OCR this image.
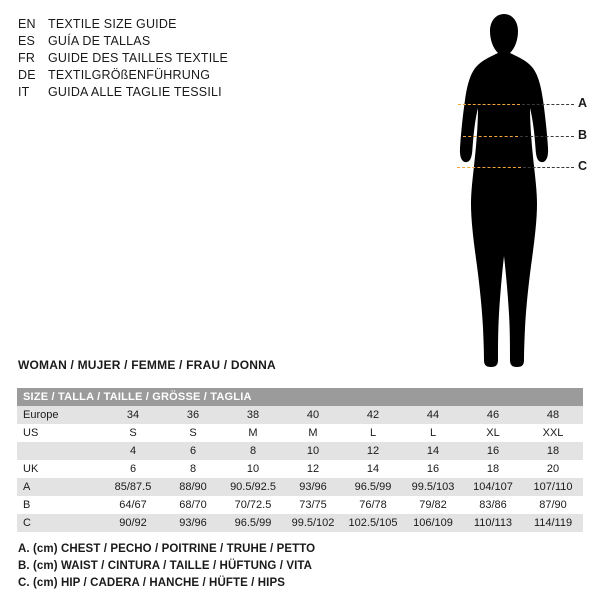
EN TEXTILE SIZE GUIDE
ES	GUÍA DE TALLAS
FR	GUIDE DES TAILLES TEXTILE
DE TEXTILGRÖßENFÜHRUNG
IT	GUIDA ALLE TAGLIE TESSILI
A
B
C
WOMAN / MUJER / FEMME / FRAU / DONNA
SIZE / TALLA / TAILLE / GRÖSSE / TAGLIA								
Europe	34	36	38	40	42	44	46	48
US	S	S	M	M	L	L	XL	XXL
	4	6	8	10	12	14	16	18
UK	6	8	10	12	14	16	18	20
A	85/87.5	88/90	90.5/92.5	93/96	96.5/99	99.5/103	104/107	107/110
B	64/67	68/70	70/72.5	73/75	76/78	79/82	83/86	87/90
C	90/92	93/96	96.5/99	99.5/102	102.5/105	106/109	110/113	114/119
A. (cm) CHEST / PECHO / POITRINE / TRUHE / PETTO
B. (cm) WAIST / CINTURA / TAILLE / HÜFTUNG / VITA
C. (cm) HIP / CADERA / HANCHE / HÜFTE / HIPS
